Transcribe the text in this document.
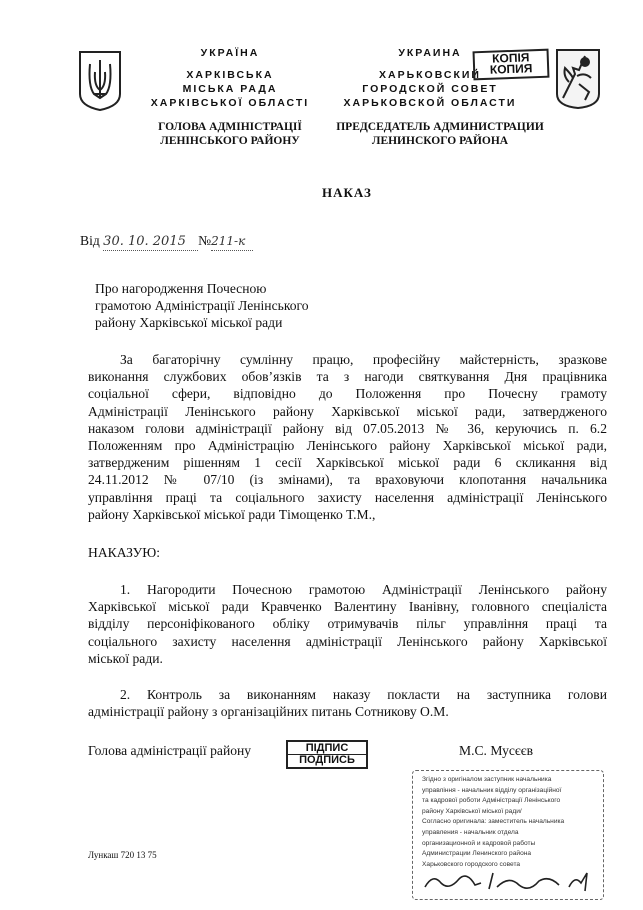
УКРАЇНА
ХАРКІВСЬКА
МІСЬКА РАДА
ХАРКІВСЬКОЇ ОБЛАСТІ
ГОЛОВА АДМІНІСТРАЦІЇ
ЛЕНІНСЬКОГО РАЙОНУ
УКРАИНА
ХАРЬКОВСКИЙ
ГОРОДСКОЙ СОВЕТ
ХАРЬКОВСКОЙ ОБЛАСТИ
ПРЕДСЕДАТЕЛЬ АДМИНИСТРАЦИИ
ЛЕНИНСКОГО РАЙОНА
КОПІЯ
КОПИЯ
НАКАЗ
Від 30. 10. 2015 №211-к
Про нагородження Почесною
грамотою Адміністрації Ленінського
району Харківської міської ради
За багаторічну сумлінну працю, професійну майстерність, зразкове
виконання службових обов’язків та з нагоди святкування Дня працівника
соціальної сфери, відповідно до Положення про Почесну грамоту
Адміністрації Ленінського району Харківської міської ради, затвердженого
наказом голови адміністрації району від 07.05.2013 № 36, керуючись п. 6.2
Положенням про Адміністрацію Ленінського району Харківської міської ради,
затвердженим рішенням 1 сесії Харківської міської ради 6 скликання від
24.11.2012 № 07/10 (із змінами), та враховуючи клопотання начальника
управління праці та соціального захисту населення адміністрації Ленінського
району Харківської міської ради Тімощенко Т.М.,
НАКАЗУЮ:
1. Нагородити Почесною грамотою Адміністрації Ленінського району
Харківської міської ради Кравченко Валентину Іванівну, головного спеціаліста
відділу персоніфікованого обліку отримувачів пільг управління праці та
соціального захисту населення адміністрації Ленінського району Харківської
міської ради.
2. Контроль за виконанням наказу покласти на заступника голови
адміністрації району з організаційних питань Сотникову О.М.
Голова адміністрації району	ПІДПИС
ПОДПИСЬ
М.С. Мусєєв
Згідно з оригіналом заступник начальника
управління - начальник відділу організаційної
та кадрової роботи Адміністрації Ленінського
району Харківської міської ради/
Согласно оригинала: заместитель начальника
управления - начальник отдела
организационной и кадровой работы
Администрации Ленинского района
Харьковского городского совета
Лункаш 720 13 75
